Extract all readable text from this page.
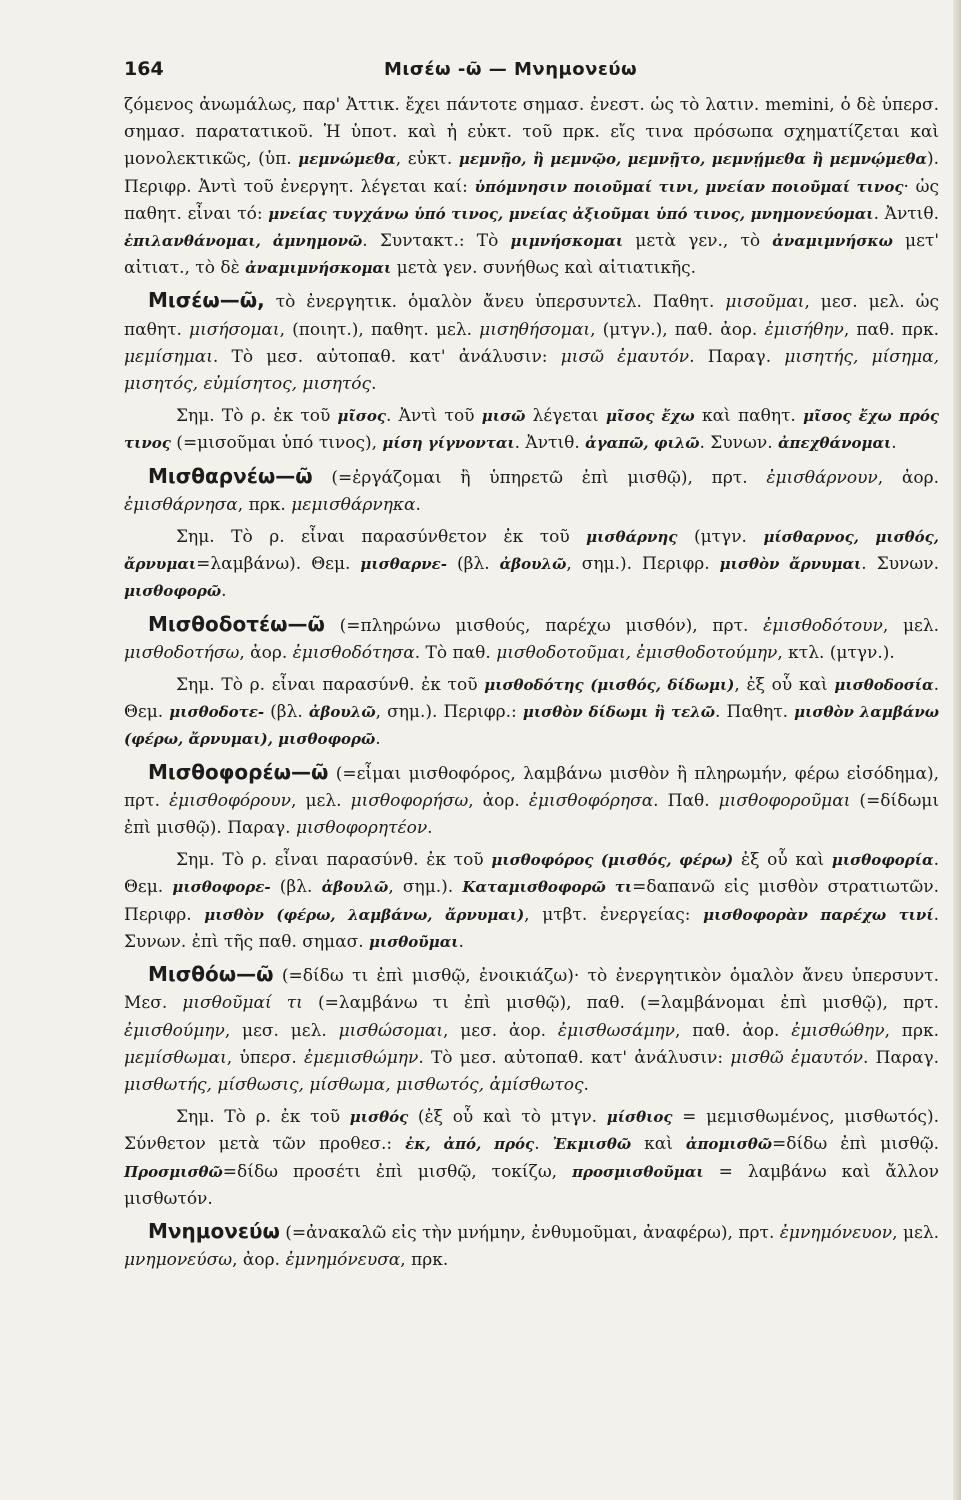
164	Μισέω -ῶ — Μνημονεύω

ζόμενος ἀνωμάλως, παρ' Ἀττικ. ἔχει πάντοτε σημασ. ἐνεστ. ὡς τὸ λατιν. memini, ὁ δὲ ὑπερσ. σημασ. παρατατικοῦ. Ἡ ὑποτ. καὶ ἡ εὐκτ. τοῦ πρκ. εἴς τινα πρόσωπα σχηματίζεται καὶ μονολεκτικῶς, (ὑπ. μεμνώμεθα, εὐκτ. μεμνῇο, ἢ μεμνῷο, μεμνῇτο, μεμνῄμεθα ἢ μεμνῴμεθα). Περιφρ. Ἀντὶ τοῦ ἐνεργητ. λέγεται καί: ὑπόμνησιν ποιοῦμαί τινι, μνείαν ποιοῦμαί τινος· ὡς παθητ. εἶναι τό: μνείας τυγχάνω ὑπό τινος, μνείας ἀξιοῦμαι ὑπό τινος, μνημονεύομαι. Ἀντιθ. ἐπιλανθάνομαι, ἀμνημονῶ. Συντακτ.: Τὸ μιμνήσκομαι μετὰ γεν., τὸ ἀναμιμνήσκω μετ' αἰτιατ., τὸ δὲ ἀναμιμνήσκομαι μετὰ γεν. συνήθως καὶ αἰτιατικῆς.

Μισέω—ῶ, τὸ ἐνεργητικ. ὁμαλὸν ἄνευ ὑπερσυντελ. Παθητ. μισοῦμαι, μεσ. μελ. ὡς παθητ. μισήσομαι, (ποιητ.), παθητ. μελ. μισηθήσομαι, (μτγν.), παθ. ἀορ. ἐμισήθην, παθ. πρκ. μεμίσημαι. Τὸ μεσ. αὐτοπαθ. κατ' ἀνάλυσιν: μισῶ ἐμαυτόν. Παραγ. μισητής, μίσημα, μισητός, εὐμίσητος, μισητός.

Σημ. Τὸ ρ. ἐκ τοῦ μῖσος. Ἀντὶ τοῦ μισῶ λέγεται μῖσος ἔχω καὶ παθητ. μῖσος ἔχω πρός τινος (=μισοῦμαι ὑπό τινος), μίση γίγνονται. Ἀντιθ. ἀγαπῶ, φιλῶ. Συνων. ἀπεχθάνομαι.

Μισθαρνέω—ῶ (=ἐργάζομαι ἢ ὑπηρετῶ ἐπὶ μισθῷ), πρτ. ἐμισθάρνουν, ἀορ. ἐμισθάρνησα, πρκ. μεμισθάρνηκα.

Σημ. Τὸ ρ. εἶναι παρασύνθετον ἐκ τοῦ μισθάρνης (μτγν. μίσθαρνος, μισθός, ἄρνυμαι=λαμβάνω). Θεμ. μισθαρνε- (βλ. ἀβουλῶ, σημ.). Περιφρ. μισθὸν ἄρνυμαι. Συνων. μισθοφορῶ.

Μισθοδοτέω—ῶ (=πληρώνω μισθούς, παρέχω μισθόν), πρτ. ἐμισθοδότουν, μελ. μισθοδοτήσω, ἀορ. ἐμισθοδότησα. Τὸ παθ. μισθοδοτοῦμαι, ἐμισθοδοτούμην, κτλ. (μτγν.).

Σημ. Τὸ ρ. εἶναι παρασύνθ. ἐκ τοῦ μισθοδότης (μισθός, δίδωμι), ἐξ οὗ καὶ μισθοδοσία. Θεμ. μισθοδοτε- (βλ. ἀβουλῶ, σημ.). Περιφρ.: μισθὸν δίδωμι ἢ τελῶ. Παθητ. μισθὸν λαμβάνω (φέρω, ἄρνυμαι), μισθοφορῶ.

Μισθοφορέω—ῶ (=εἶμαι μισθοφόρος, λαμβάνω μισθὸν ἢ πληρωμήν, φέρω εἰσόδημα), πρτ. ἐμισθοφόρουν, μελ. μισθοφορήσω, ἀορ. ἐμισθοφόρησα. Παθ. μισθοφοροῦμαι (=δίδωμι ἐπὶ μισθῷ). Παραγ. μισθοφορητέον.

Σημ. Τὸ ρ. εἶναι παρασύνθ. ἐκ τοῦ μισθοφόρος (μισθός, φέρω) ἐξ οὗ καὶ μισθοφορία. Θεμ. μισθοφορε- (βλ. ἀβουλῶ, σημ.). Καταμισθοφορῶ τι=δαπανῶ εἰς μισθὸν στρατιωτῶν. Περιφρ. μισθὸν (φέρω, λαμβάνω, ἄρνυμαι), μτβτ. ἐνεργείας: μισθοφορὰν παρέχω τινί. Συνων. ἐπὶ τῆς παθ. σημασ. μισθοῦμαι.

Μισθόω—ῶ (=δίδω τι ἐπὶ μισθῷ, ἐνοικιάζω)· τὸ ἐνεργητικὸν ὁμαλὸν ἄνευ ὑπερσυντ. Μεσ. μισθοῦμαί τι (=λαμβάνω τι ἐπὶ μισθῷ), παθ. (=λαμβάνομαι ἐπὶ μισθῷ), πρτ. ἐμισθούμην, μεσ. μελ. μισθώσομαι, μεσ. ἀορ. ἐμισθωσάμην, παθ. ἀορ. ἐμισθώθην, πρκ. μεμίσθωμαι, ὑπερσ. ἐμεμισθώμην. Τὸ μεσ. αὐτοπαθ. κατ' ἀνάλυσιν: μισθῶ ἐμαυτόν. Παραγ. μισθωτής, μίσθωσις, μίσθωμα, μισθωτός, ἀμίσθωτος.

Σημ. Τὸ ρ. ἐκ τοῦ μισθός (ἐξ οὗ καὶ τὸ μτγν. μίσθιος = μεμισθωμένος, μισθωτός). Σύνθετον μετὰ τῶν προθεσ.: ἐκ, ἀπό, πρός. Ἐκμισθῶ καὶ ἀπομισθῶ=δίδω ἐπὶ μισθῷ. Προσμισθῶ=δίδω προσέτι ἐπὶ μισθῷ, τοκίζω, προσμισθοῦμαι = λαμβάνω καὶ ἄλλον μισθωτόν.

Μνημονεύω (=ἀνακαλῶ εἰς τὴν μνήμην, ἐνθυμοῦμαι, ἀναφέρω), πρτ. ἐμνημόνευον, μελ. μνημονεύσω, ἀορ. ἐμνημόνευσα, πρκ.
